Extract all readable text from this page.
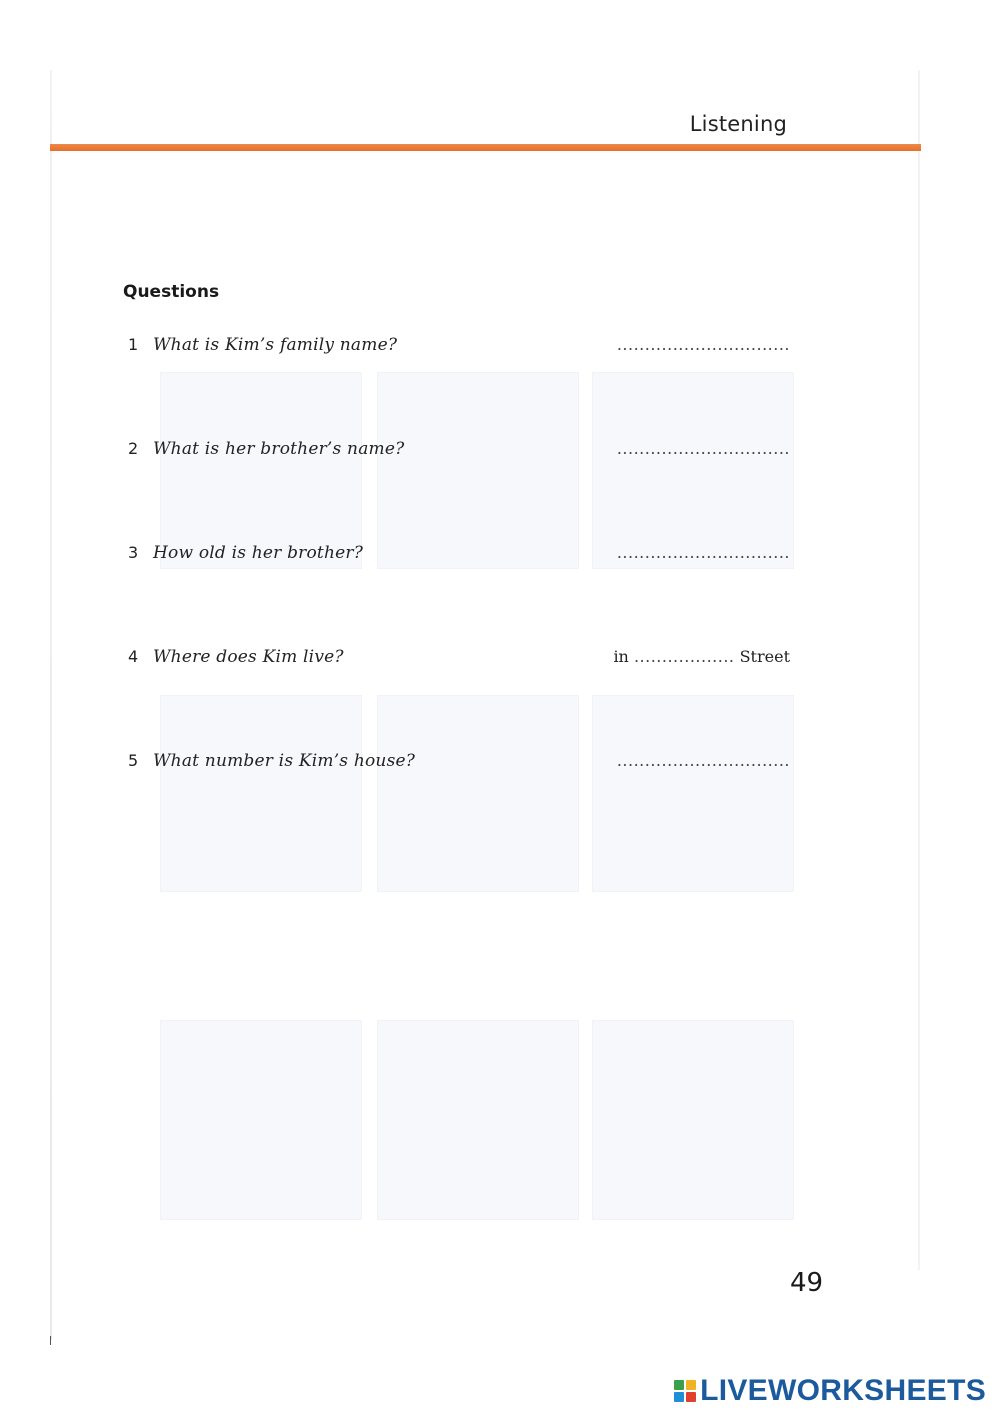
Listening
Questions
1 What is Kim’s family name?	...............................
2 What is her brother’s name?	...............................
3 How old is her brother?	...............................
4 Where does Kim live?	in .................. Street
5 What number is Kim’s house?	...............................
49
LIVEWORKSHEETS
